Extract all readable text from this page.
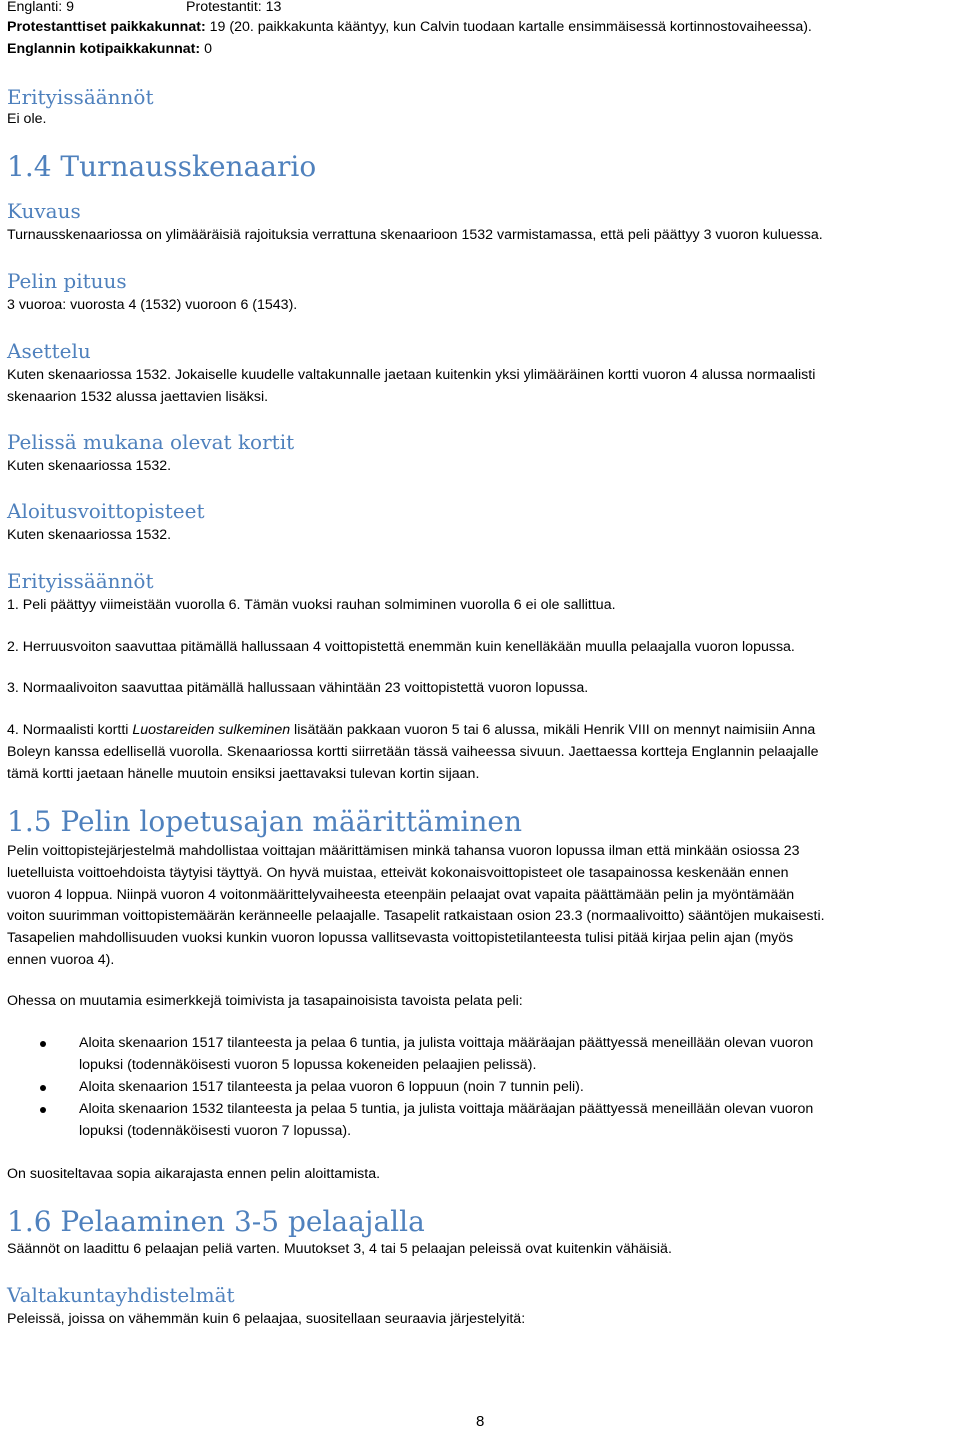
Englanti: 9	Protestantit: 13
Protestanttiset paikkakunnat: 19 (20. paikkakunta kääntyy, kun Calvin tuodaan kartalle ensimmäisessä kortinnostovaiheessa).
Englannin kotipaikkakunnat: 0
Erityissäännöt
Ei ole.
1.4 Turnausskenaario
Kuvaus
Turnausskenaariossa on ylimääräisiä rajoituksia verrattuna skenaarioon 1532 varmistamassa, että peli päättyy 3 vuoron kuluessa.
Pelin pituus
3 vuoroa: vuorosta 4 (1532) vuoroon 6 (1543).
Asettelu
Kuten skenaariossa 1532. Jokaiselle kuudelle valtakunnalle jaetaan kuitenkin yksi ylimääräinen kortti vuoron 4 alussa normaalisti
skenaarion 1532 alussa jaettavien lisäksi.
Pelissä mukana olevat kortit
Kuten skenaariossa 1532.
Aloitusvoittopisteet
Kuten skenaariossa 1532.
Erityissäännöt
1. Peli päättyy viimeistään vuorolla 6. Tämän vuoksi rauhan solmiminen vuorolla 6 ei ole sallittua.
2. Herruusvoiton saavuttaa pitämällä hallussaan 4 voittopistettä enemmän kuin kenelläkään muulla pelaajalla vuoron lopussa.
3. Normaalivoiton saavuttaa pitämällä hallussaan vähintään 23 voittopistettä vuoron lopussa.
4. Normaalisti kortti Luostareiden sulkeminen lisätään pakkaan vuoron 5 tai 6 alussa, mikäli Henrik VIII on mennyt naimisiin Anna
Boleyn kanssa edellisellä vuorolla. Skenaariossa kortti siirretään tässä vaiheessa sivuun. Jaettaessa kortteja Englannin pelaajalle
tämä kortti jaetaan hänelle muutoin ensiksi jaettavaksi tulevan kortin sijaan.
1.5 Pelin lopetusajan määrittäminen
Pelin voittopistejärjestelmä mahdollistaa voittajan määrittämisen minkä tahansa vuoron lopussa ilman että minkään osiossa 23
luetelluista voittoehdoista täytyisi täyttyä. On hyvä muistaa, etteivät kokonaisvoittopisteet ole tasapainossa keskenään ennen
vuoron 4 loppua. Niinpä vuoron 4 voitonmäärittelyvaiheesta eteenpäin pelaajat ovat vapaita päättämään pelin ja myöntämään
voiton suurimman voittopistemäärän keränneelle pelaajalle. Tasapelit ratkaistaan osion 23.3 (normaalivoitto) sääntöjen mukaisesti.
Tasapelien mahdollisuuden vuoksi kunkin vuoron lopussa vallitsevasta voittopistetilanteesta tulisi pitää kirjaa pelin ajan (myös
ennen vuoroa 4).
Ohessa on muutamia esimerkkejä toimivista ja tasapainoisista tavoista pelata peli:
Aloita skenaarion 1517 tilanteesta ja pelaa 6 tuntia, ja julista voittaja määräajan päättyessä meneillään olevan vuoron
lopuksi (todennäköisesti vuoron 5 lopussa kokeneiden pelaajien pelissä).
Aloita skenaarion 1517 tilanteesta ja pelaa vuoron 6 loppuun (noin 7 tunnin peli).
Aloita skenaarion 1532 tilanteesta ja pelaa 5 tuntia, ja julista voittaja määräajan päättyessä meneillään olevan vuoron
lopuksi (todennäköisesti vuoron 7 lopussa).
On suositeltavaa sopia aikarajasta ennen pelin aloittamista.
1.6 Pelaaminen 3-5 pelaajalla
Säännöt on laadittu 6 pelaajan peliä varten. Muutokset 3, 4 tai 5 pelaajan peleissä ovat kuitenkin vähäisiä.
Valtakuntayhdistelmät
Peleissä, joissa on vähemmän kuin 6 pelaajaa, suositellaan seuraavia järjestelyitä:
8
